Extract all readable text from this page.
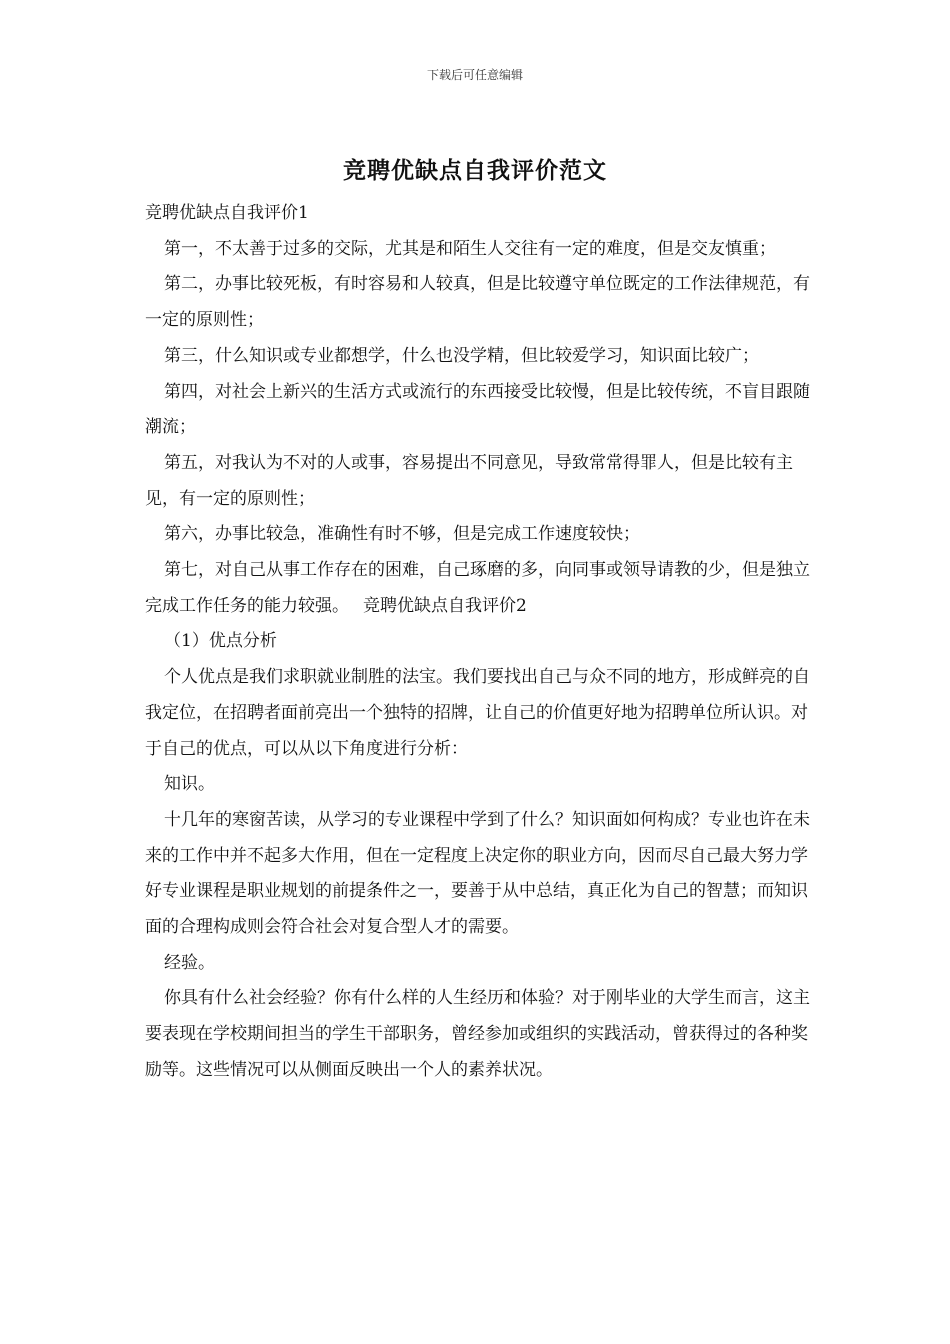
下载后可任意编辑
竞聘优缺点自我评价范文

竞聘优缺点自我评价1

第一，不太善于过多的交际，尤其是和陌生人交往有一定的难度，但是交友慎重；

第二，办事比较死板，有时容易和人较真，但是比较遵守单位既定的工作法律规范，有一定的原则性；

第三，什么知识或专业都想学，什么也没学精，但比较爱学习，知识面比较广；

第四，对社会上新兴的生活方式或流行的东西接受比较慢，但是比较传统，不盲目跟随潮流；

第五，对我认为不对的人或事，容易提出不同意见，导致常常得罪人，但是比较有主见，有一定的原则性；

第六，办事比较急，准确性有时不够，但是完成工作速度较快；

第七，对自己从事工作存在的困难，自己琢磨的多，向同事或领导请教的少，但是独立完成工作任务的能力较强。 竞聘优缺点自我评价2

（1）优点分析

个人优点是我们求职就业制胜的法宝。我们要找出自己与众不同的地方，形成鲜亮的自我定位，在招聘者面前亮出一个独特的招牌，让自己的价值更好地为招聘单位所认识。对于自己的优点，可以从以下角度进行分析：

知识。

十几年的寒窗苦读，从学习的专业课程中学到了什么？知识面如何构成？专业也许在未来的工作中并不起多大作用，但在一定程度上决定你的职业方向，因而尽自己最大努力学好专业课程是职业规划的前提条件之一，要善于从中总结，真正化为自己的智慧；而知识面的合理构成则会符合社会对复合型人才的需要。

经验。

你具有什么社会经验？你有什么样的人生经历和体验？对于刚毕业的大学生而言，这主要表现在学校期间担当的学生干部职务，曾经参加或组织的实践活动，曾获得过的各种奖励等。这些情况可以从侧面反映出一个人的素养状况。
